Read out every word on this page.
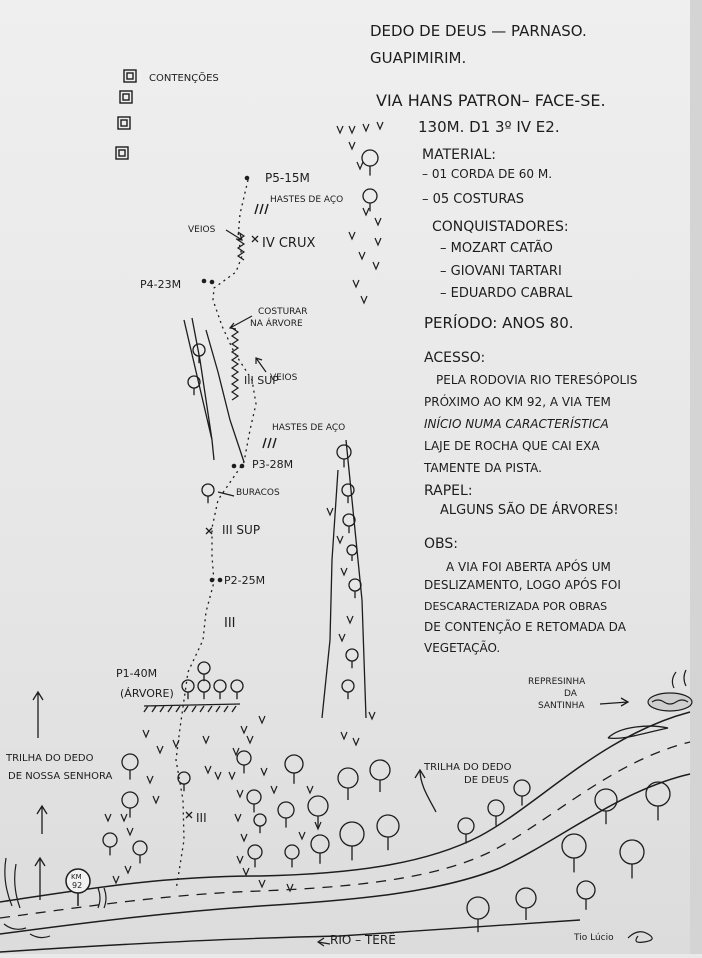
DEDO DE DEUS — PARNASO.
GUAPIMIRIM.
VIA HANS PATRON– FACE-SE.
130M. D1 3º IV E2.
MATERIAL:
– 01 CORDA DE 60 M.
– 05 COSTURAS
CONQUISTADORES:
– MOZART CATÃO
– GIOVANI TARTARI
– EDUARDO CABRAL
PERÍODO: ANOS 80.
ACESSO:
PELA RODOVIA RIO TERESÓPOLIS
PRÓXIMO AO KM 92, A VIA TEM
INÍCIO NUMA CARACTERÍSTICA
LAJE DE ROCHA QUE CAI EXA
TAMENTE DA PISTA.
RAPEL:
ALGUNS SÃO DE ÁRVORES!
OBS:
A VIA FOI ABERTA APÓS UM
DESLIZAMENTO, LOGO APÓS FOI
DESCARACTERIZADA POR OBRAS
DE CONTENÇÃO E RETOMADA DA
VEGETAÇÃO.
CONTENÇÕES
P5-15M
HASTES DE AÇO
VEIOS
IV CRUX
P4-23M
COSTURAR
NA ÁRVORE
III SUP
VEIOS
HASTES DE AÇO
P3-28M
BURACOS
III SUP
P2-25M
III
P1-40M
(ÁRVORE)
III
TRILHA DO DEDO
DE NOSSA SENHORA
TRILHA DO DEDO
DE DEUS
REPRESINHA
DA
SANTINHA
KM
92
RIO – TERÊ	Tio Lúcio
